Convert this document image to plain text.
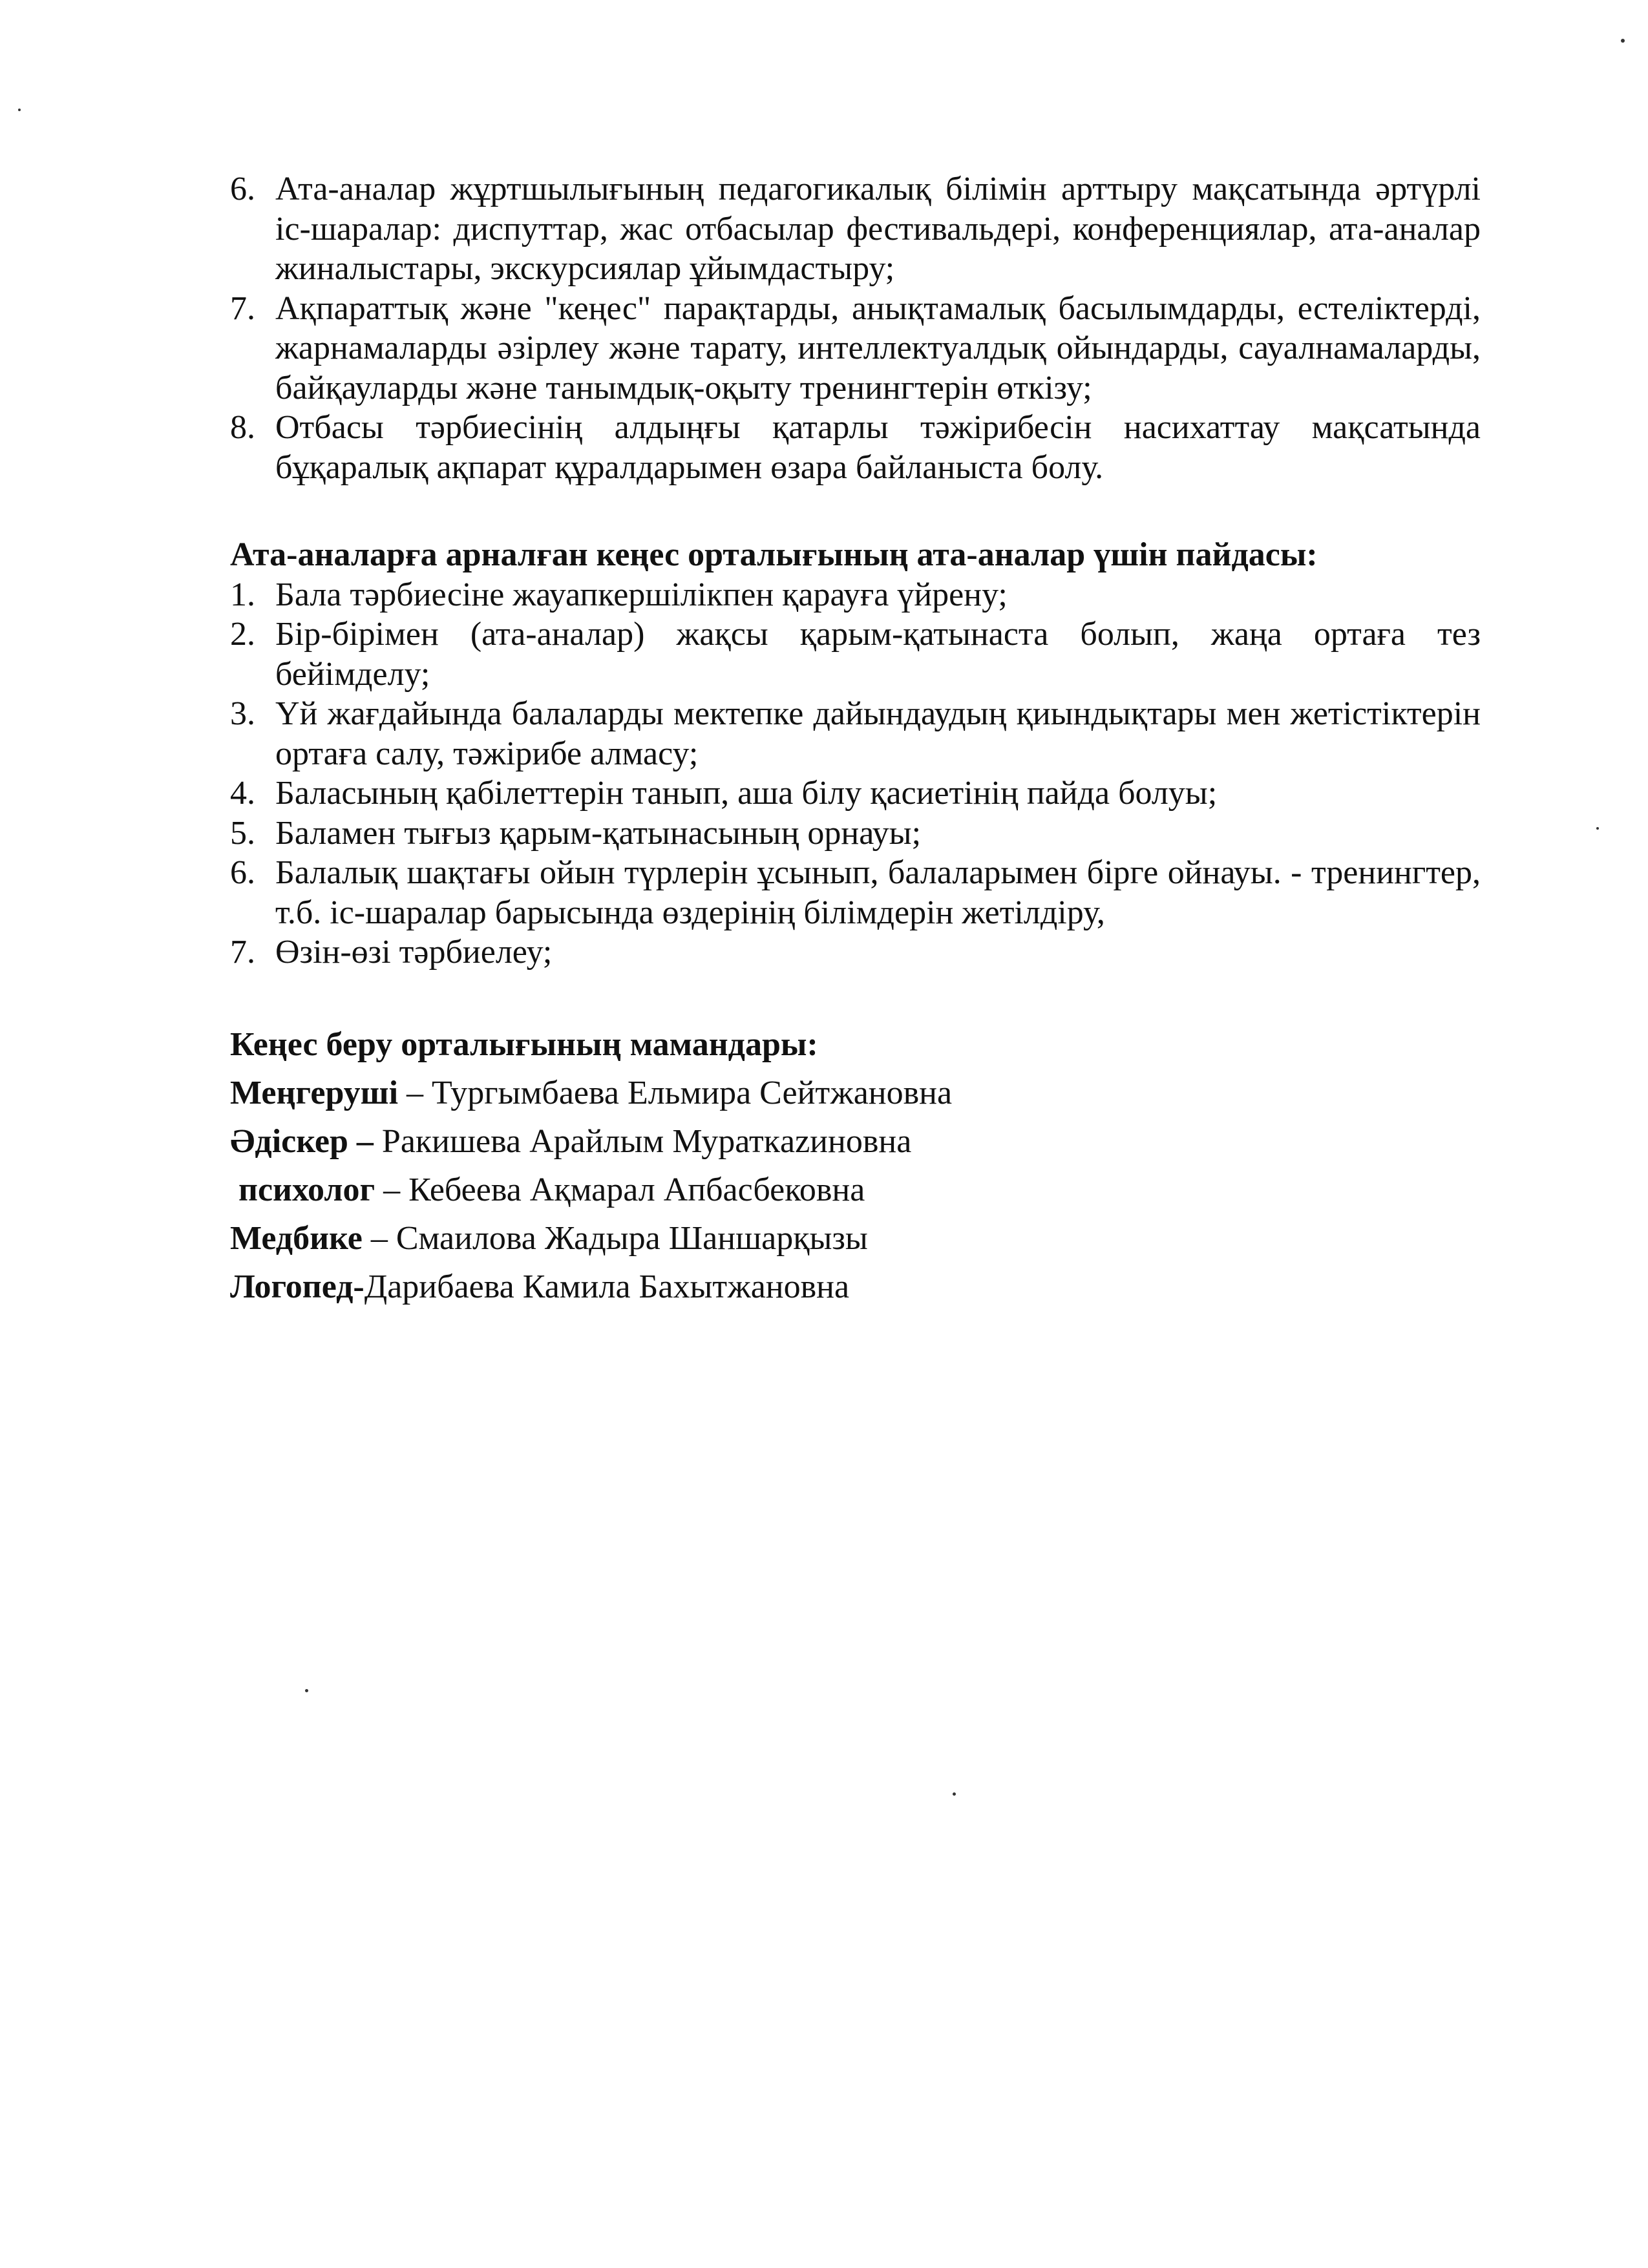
6. Ата-аналар жұртшылығының педагогикалық білімін арттыру мақсатында әртүрлі іс-шаралар: диспуттар, жас отбасылар фестивальдері, конференциялар, ата-аналар жиналыстары, экскурсиялар ұйымдастыру;
7. Ақпараттық және "кеңес" парақтарды, анықтамалық басылымдарды, естеліктерді, жарнамаларды әзірлеу және тарату, интеллектуалдық ойындарды, сауалнамаларды, байқауларды және танымдық-оқыту тренингтерін өткізу;
8. Отбасы тәрбиесінің алдыңғы қатарлы тәжірибесін насихаттау мақсатында бұқаралық ақпарат құралдарымен өзара байланыста болу.

Ата-аналарға арналған кеңес орталығының ата-аналар үшін пайдасы:

1. Бала тәрбиесіне жауапкершілікпен қарауға үйрену;
2. Бір-бірімен (ата-аналар) жақсы қарым-қатынаста болып, жаңа ортаға тез бейімделу;
3. Үй жағдайында балаларды мектепке дайындаудың қиындықтары мен жетістіктерін ортаға салу, тәжірибе алмасу;
4. Баласының қабілеттерін танып, аша білу қасиетінің пайда болуы;
5. Баламен тығыз қарым-қатынасының орнауы;
6. Балалық шақтағы ойын түрлерін ұсынып, балаларымен бірге ойнауы. - тренингтер, т.б. іс-шаралар барысында өздерінің білімдерін жетілдіру,
7. Өзін-өзі тәрбиелеу;

Кеңес беру орталығының мамандары:

Меңгеруші – Тургымбаева Ельмира Сейтжановна

Әдіскер – Ракишева Арайлым Мураткazиновна

психолог – Кебеева Ақмарал Апбасбековна

Медбике – Смаилова Жадыра Шаншарқызы

Логопед-Дарибаева Камила Бахытжановна
